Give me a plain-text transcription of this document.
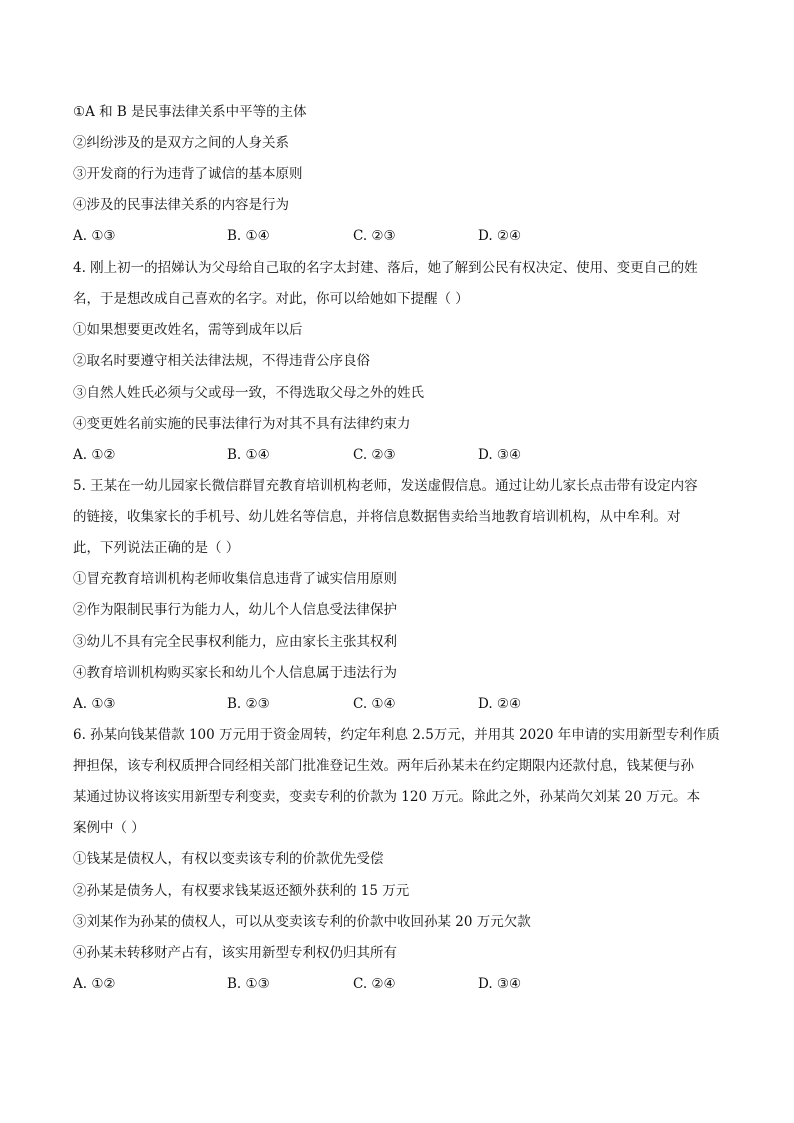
①A 和 B 是民事法律关系中平等的主体
②纠纷涉及的是双方之间的人身关系
③开发商的行为违背了诚信的基本原则
④涉及的民事法律关系的内容是行为
A. ①③	B. ①④	C. ②③	D. ②④
4. 刚上初一的招娣认为父母给自己取的名字太封建、落后，她了解到公民有权决定、使用、变更自己的姓
名，于是想改成自己喜欢的名字。对此，你可以给她如下提醒（ ）
①如果想要更改姓名，需等到成年以后
②取名时要遵守相关法律法规，不得违背公序良俗
③自然人姓氏必须与父或母一致，不得选取父母之外的姓氏
④变更姓名前实施的民事法律行为对其不具有法律约束力
A. ①②	B. ①④	C. ②③	D. ③④
5. 王某在一幼儿园家长微信群冒充教育培训机构老师，发送虚假信息。通过让幼儿家长点击带有设定内容
的链接，收集家长的手机号、幼儿姓名等信息，并将信息数据售卖给当地教育培训机构，从中牟利。对
此，下列说法正确的是（ ）
①冒充教育培训机构老师收集信息违背了诚实信用原则
②作为限制民事行为能力人，幼儿个人信息受法律保护
③幼儿不具有完全民事权利能力，应由家长主张其权利
④教育培训机构购买家长和幼儿个人信息属于违法行为
A. ①③	B. ②③	C. ①④	D. ②④
6. 孙某向钱某借款 100 万元用于资金周转，约定年利息 2.5万元，并用其 2020 年申请的实用新型专利作质
押担保，该专利权质押合同经相关部门批准登记生效。两年后孙某未在约定期限内还款付息，钱某便与孙
某通过协议将该实用新型专利变卖，变卖专利的价款为 120 万元。除此之外，孙某尚欠刘某 20 万元。本
案例中（ ）
①钱某是债权人，有权以变卖该专利的价款优先受偿
②孙某是债务人，有权要求钱某返还额外获利的 15 万元
③刘某作为孙某的债权人，可以从变卖该专利的价款中收回孙某 20 万元欠款
④孙某未转移财产占有，该实用新型专利权仍归其所有
A. ①②	B. ①③	C. ②④	D. ③④
